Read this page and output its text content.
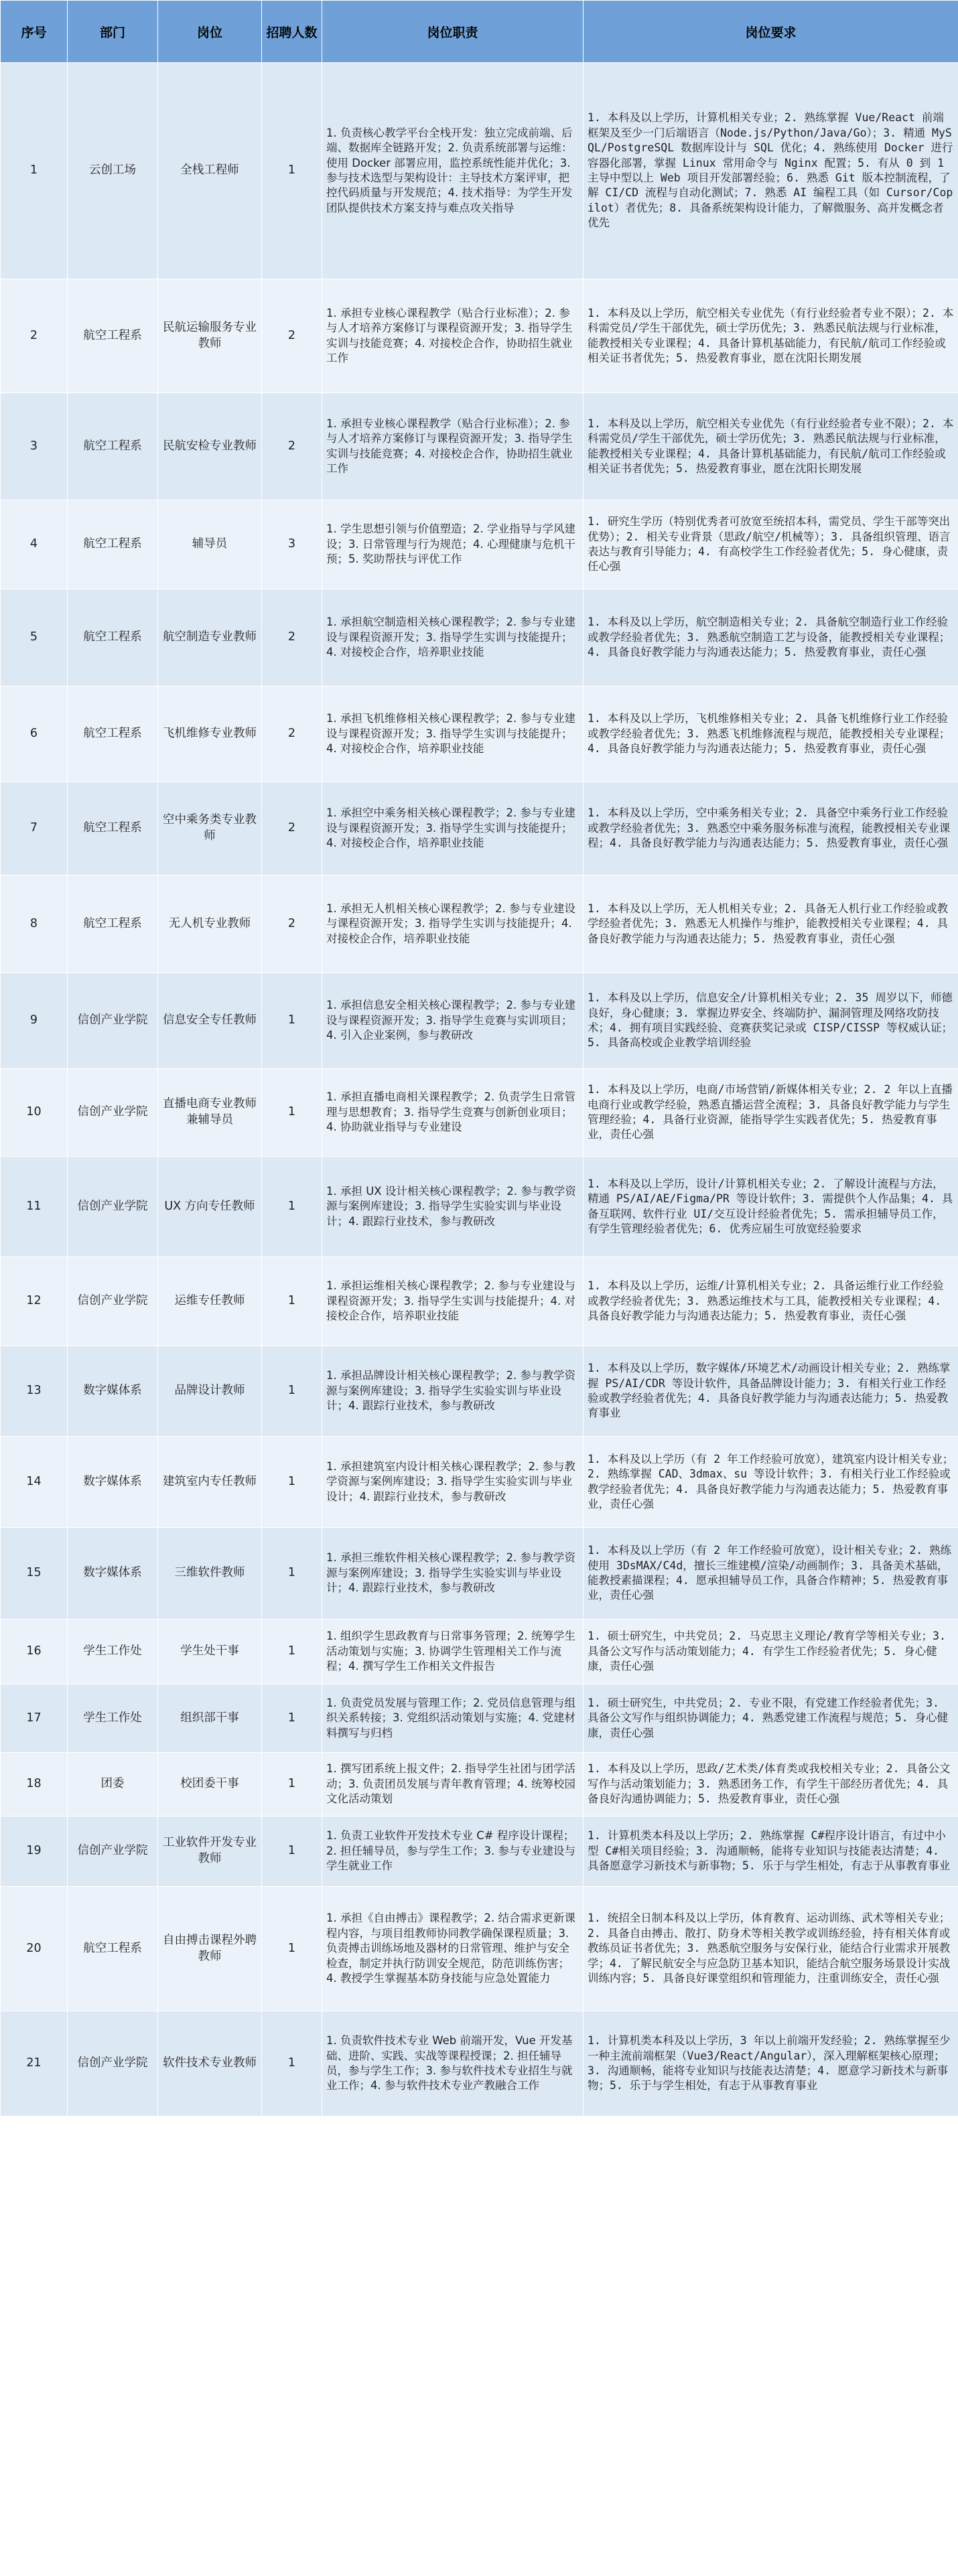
序号	部门	岗位	招聘人数	岗位职责	岗位要求
1	云创工场	全栈工程师	1	1. 负责核心教学平台全栈开发：独立完成前端、后端、数据库全链路开发；2. 负责系统部署与运维：使用 Docker 部署应用，监控系统性能并优化；3. 参与技术选型与架构设计：主导技术方案评审，把控代码质量与开发规范；4. 技术指导：为学生开发团队提供技术方案支持与难点攻关指导	1. 本科及以上学历，计算机相关专业；2. 熟练掌握 Vue/React 前端框架及至少一门后端语言（Node.js/Python/Java/Go）；3. 精通 MySQL/PostgreSQL 数据库设计与 SQL 优化；4. 熟练使用 Docker 进行容器化部署，掌握 Linux 常用命令与 Nginx 配置；5. 有从 0 到 1 主导中型以上 Web 项目开发部署经验；6. 熟悉 Git 版本控制流程，了解 CI/CD 流程与自动化测试；7. 熟悉 AI 编程工具（如 Cursor/Copilot）者优先；8. 具备系统架构设计能力，了解微服务、高并发概念者优先
2	航空工程系	民航运输服务专业教师	2	1. 承担专业核心课程教学（贴合行业标准）；2. 参与人才培养方案修订与课程资源开发；3. 指导学生实训与技能竞赛；4. 对接校企合作，协助招生就业工作	1. 本科及以上学历，航空相关专业优先（有行业经验者专业不限）；2. 本科需党员/学生干部优先，硕士学历优先；3. 熟悉民航法规与行业标准，能教授相关专业课程；4. 具备计算机基础能力，有民航/航司工作经验或相关证书者优先；5. 热爱教育事业，愿在沈阳长期发展
3	航空工程系	民航安检专业教师	2	1. 承担专业核心课程教学（贴合行业标准）；2. 参与人才培养方案修订与课程资源开发；3. 指导学生实训与技能竞赛；4. 对接校企合作，协助招生就业工作	1. 本科及以上学历，航空相关专业优先（有行业经验者专业不限）；2. 本科需党员/学生干部优先，硕士学历优先；3. 熟悉民航法规与行业标准，能教授相关专业课程；4. 具备计算机基础能力，有民航/航司工作经验或相关证书者优先；5. 热爱教育事业，愿在沈阳长期发展
4	航空工程系	辅导员	3	1. 学生思想引领与价值塑造；2. 学业指导与学风建设；3. 日常管理与行为规范；4. 心理健康与危机干预；5. 奖助帮扶与评优工作	1. 研究生学历（特别优秀者可放宽至统招本科，需党员、学生干部等突出优势）；2. 相关专业背景（思政/航空/机械等）；3. 具备组织管理、语言表达与教育引导能力；4. 有高校学生工作经验者优先；5. 身心健康，责任心强
5	航空工程系	航空制造专业教师	2	1. 承担航空制造相关核心课程教学；2. 参与专业建设与课程资源开发；3. 指导学生实训与技能提升；4. 对接校企合作，培养职业技能	1. 本科及以上学历，航空制造相关专业；2. 具备航空制造行业工作经验或教学经验者优先；3. 熟悉航空制造工艺与设备，能教授相关专业课程；4. 具备良好教学能力与沟通表达能力；5. 热爱教育事业，责任心强
6	航空工程系	飞机维修专业教师	2	1. 承担飞机维修相关核心课程教学；2. 参与专业建设与课程资源开发；3. 指导学生实训与技能提升；4. 对接校企合作，培养职业技能	1. 本科及以上学历，飞机维修相关专业；2. 具备飞机维修行业工作经验或教学经验者优先；3. 熟悉飞机维修流程与规范，能教授相关专业课程；4. 具备良好教学能力与沟通表达能力；5. 热爱教育事业，责任心强
7	航空工程系	空中乘务类专业教师	2	1. 承担空中乘务相关核心课程教学；2. 参与专业建设与课程资源开发；3. 指导学生实训与技能提升；4. 对接校企合作，培养职业技能	1. 本科及以上学历，空中乘务相关专业；2. 具备空中乘务行业工作经验或教学经验者优先；3. 熟悉空中乘务服务标准与流程，能教授相关专业课程；4. 具备良好教学能力与沟通表达能力；5. 热爱教育事业，责任心强
8	航空工程系	无人机专业教师	2	1. 承担无人机相关核心课程教学；2. 参与专业建设与课程资源开发；3. 指导学生实训与技能提升；4. 对接校企合作，培养职业技能	1. 本科及以上学历，无人机相关专业；2. 具备无人机行业工作经验或教学经验者优先；3. 熟悉无人机操作与维护，能教授相关专业课程；4. 具备良好教学能力与沟通表达能力；5. 热爱教育事业，责任心强
9	信创产业学院	信息安全专任教师	1	1. 承担信息安全相关核心课程教学；2. 参与专业建设与课程资源开发；3. 指导学生竞赛与实训项目；4. 引入企业案例，参与教研改	1. 本科及以上学历，信息安全/计算机相关专业；2. 35 周岁以下，师德良好，身心健康；3. 掌握边界安全、终端防护、漏洞管理及网络攻防技术；4. 拥有项目实践经验、竞赛获奖记录或 CISP/CISSP 等权威认证；5. 具备高校或企业教学培训经验
10	信创产业学院	直播电商专业教师兼辅导员	1	1. 承担直播电商相关课程教学；2. 负责学生日常管理与思想教育；3. 指导学生竞赛与创新创业项目；4. 协助就业指导与专业建设	1. 本科及以上学历，电商/市场营销/新媒体相关专业；2. 2 年以上直播电商行业或教学经验，熟悉直播运营全流程；3. 具备良好教学能力与学生管理经验；4. 具备行业资源，能指导学生实践者优先；5. 热爱教育事业，责任心强
11	信创产业学院	UX 方向专任教师	1	1. 承担 UX 设计相关核心课程教学；2. 参与教学资源与案例库建设；3. 指导学生实验实训与毕业设计；4. 跟踪行业技术，参与教研改	1. 本科及以上学历，设计/计算机相关专业；2. 了解设计流程与方法，精通 PS/AI/AE/Figma/PR 等设计软件；3. 需提供个人作品集；4. 具备互联网、软件行业 UI/交互设计经验者优先；5. 需承担辅导员工作，有学生管理经验者优先；6. 优秀应届生可放宽经验要求
12	信创产业学院	运维专任教师	1	1. 承担运维相关核心课程教学；2. 参与专业建设与课程资源开发；3. 指导学生实训与技能提升；4. 对接校企合作，培养职业技能	1. 本科及以上学历，运维/计算机相关专业；2. 具备运维行业工作经验或教学经验者优先；3. 熟悉运维技术与工具，能教授相关专业课程；4. 具备良好教学能力与沟通表达能力；5. 热爱教育事业，责任心强
13	数字媒体系	品牌设计教师	1	1. 承担品牌设计相关核心课程教学；2. 参与教学资源与案例库建设；3. 指导学生实验实训与毕业设计；4. 跟踪行业技术，参与教研改	1. 本科及以上学历，数字媒体/环境艺术/动画设计相关专业；2. 熟练掌握 PS/AI/CDR 等设计软件，具备品牌设计能力；3. 有相关行业工作经验或教学经验者优先；4. 具备良好教学能力与沟通表达能力；5. 热爱教育事业
14	数字媒体系	建筑室内专任教师	1	1. 承担建筑室内设计相关核心课程教学；2. 参与教学资源与案例库建设；3. 指导学生实验实训与毕业设计；4. 跟踪行业技术，参与教研改	1. 本科及以上学历（有 2 年工作经验可放宽），建筑室内设计相关专业；2. 熟练掌握 CAD、3dmax、su 等设计软件；3. 有相关行业工作经验或教学经验者优先；4. 具备良好教学能力与沟通表达能力；5. 热爱教育事业，责任心强
15	数字媒体系	三维软件教师	1	1. 承担三维软件相关核心课程教学；2. 参与教学资源与案例库建设；3. 指导学生实验实训与毕业设计；4. 跟踪行业技术，参与教研改	1. 本科及以上学历（有 2 年工作经验可放宽），设计相关专业；2. 熟练使用 3DsMAX/C4d，擅长三维建模/渲染/动画制作；3. 具备美术基础，能教授素描课程；4. 愿承担辅导员工作，具备合作精神；5. 热爱教育事业，责任心强
16	学生工作处	学生处干事	1	1. 组织学生思政教育与日常事务管理；2. 统筹学生活动策划与实施；3. 协调学生管理相关工作与流程；4. 撰写学生工作相关文件报告	1. 硕士研究生，中共党员；2. 马克思主义理论/教育学等相关专业；3. 具备公文写作与活动策划能力；4. 有学生工作经验者优先；5. 身心健康，责任心强
17	学生工作处	组织部干事	1	1. 负责党员发展与管理工作；2. 党员信息管理与组织关系转接；3. 党组织活动策划与实施；4. 党建材料撰写与归档	1. 硕士研究生，中共党员；2. 专业不限，有党建工作经验者优先；3. 具备公文写作与组织协调能力；4. 熟悉党建工作流程与规范；5. 身心健康，责任心强
18	团委	校团委干事	1	1. 撰写团系统上报文件；2. 指导学生社团与团学活动；3. 负责团员发展与青年教育管理；4. 统筹校园文化活动策划	1. 本科及以上学历，思政/艺术类/体育类或我校相关专业；2. 具备公文写作与活动策划能力；3. 熟悉团务工作，有学生干部经历者优先；4. 具备良好沟通协调能力；5. 热爱教育事业，责任心强
19	信创产业学院	工业软件开发专业教师	1	1. 负责工业软件开发技术专业 C# 程序设计课程；2. 担任辅导员，参与学生工作；3. 参与专业建设与学生就业工作	1. 计算机类本科及以上学历；2. 熟练掌握 C#程序设计语言，有过中小型 C#相关项目经验；3. 沟通顺畅，能将专业知识与技能表达清楚；4. 具备愿意学习新技术与新事物；5. 乐于与学生相处，有志于从事教育事业
20	航空工程系	自由搏击课程外聘教师	1	1. 承担《自由搏击》课程教学；2. 结合需求更新课程内容，与项目组教师协同教学确保课程质量；3. 负责搏击训练场地及器材的日常管理、维护与安全检查，制定并执行防训安全规范，防范训练伤害；4. 教授学生掌握基本防身技能与应急处置能力	1. 统招全日制本科及以上学历，体育教育、运动训练、武术等相关专业；2. 具备自由搏击、散打、防身术等相关教学或训练经验，持有相关体育或教练员证书者优先；3. 熟悉航空服务与安保行业，能结合行业需求开展教学；4. 了解民航安全与应急防卫基本知识，能结合航空服务场景设计实战训练内容；5. 具备良好课堂组织和管理能力，注重训练安全，责任心强
21	信创产业学院	软件技术专业教师	1	1. 负责软件技术专业 Web 前端开发，Vue 开发基础、进阶、实践、实战等课程授课；2. 担任辅导员，参与学生工作；3. 参与软件技术专业招生与就业工作；4. 参与软件技术专业产教融合工作	1. 计算机类本科及以上学历，3 年以上前端开发经验；2. 熟练掌握至少一种主流前端框架（Vue3/React/Angular），深入理解框架核心原理；3. 沟通顺畅，能将专业知识与技能表达清楚；4. 愿意学习新技术与新事物；5. 乐于与学生相处，有志于从事教育事业
